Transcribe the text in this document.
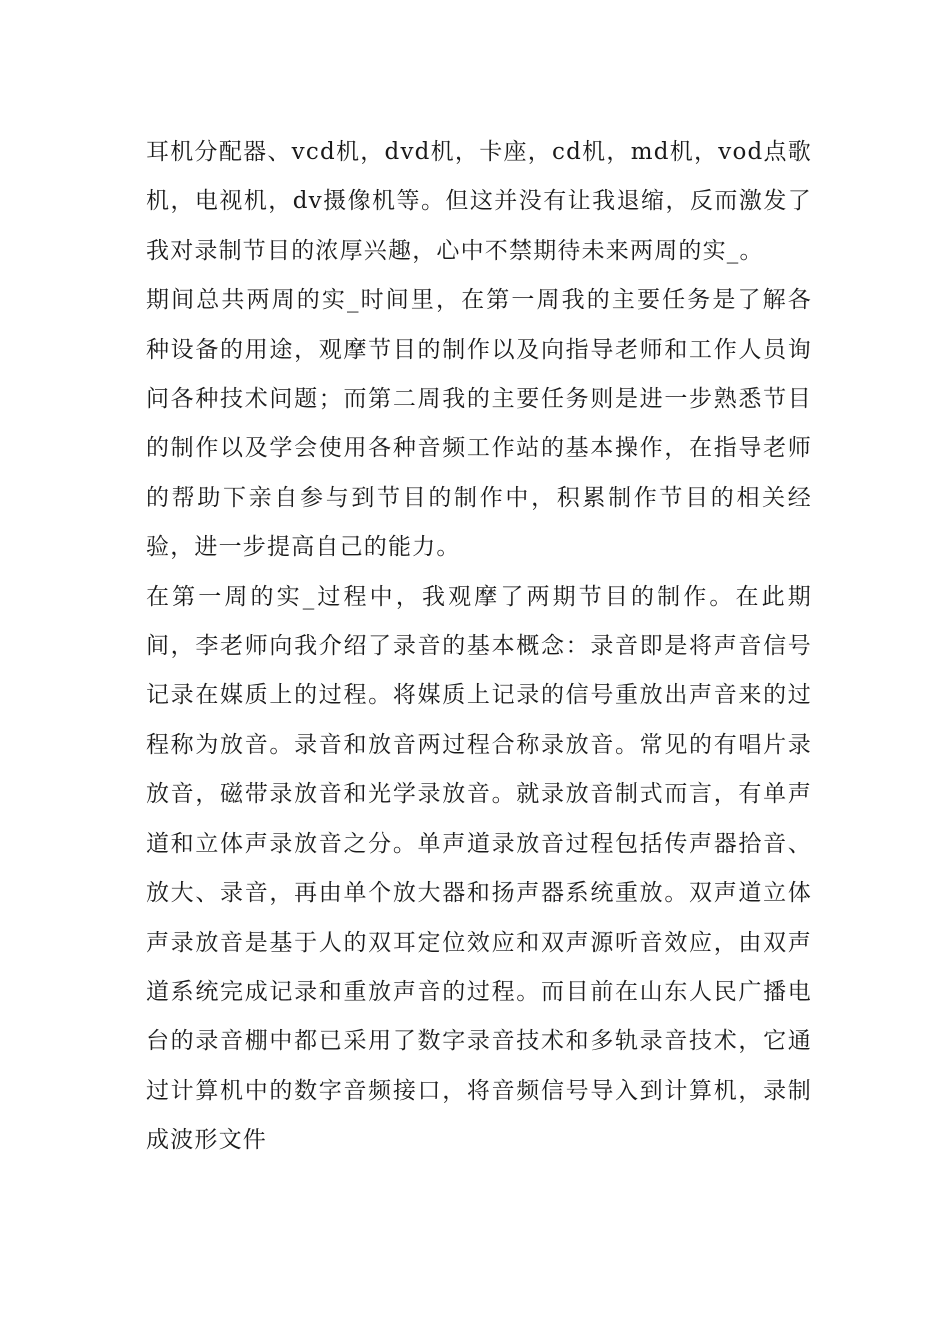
耳机分配器、vcd机，dvd机，卡座，cd机，md机，vod点歌机，电视机，dv摄像机等。但这并没有让我退缩，反而激发了我对录制节目的浓厚兴趣，心中不禁期待未来两周的实_。

期间总共两周的实_时间里，在第一周我的主要任务是了解各种设备的用途，观摩节目的制作以及向指导老师和工作人员询问各种技术问题；而第二周我的主要任务则是进一步熟悉节目的制作以及学会使用各种音频工作站的基本操作，在指导老师的帮助下亲自参与到节目的制作中，积累制作节目的相关经验，进一步提高自己的能力。

在第一周的实_过程中，我观摩了两期节目的制作。在此期间，李老师向我介绍了录音的基本概念：录音即是将声音信号记录在媒质上的过程。将媒质上记录的信号重放出声音来的过程称为放音。录音和放音两过程合称录放音。常见的有唱片录放音，磁带录放音和光学录放音。就录放音制式而言，有单声道和立体声录放音之分。单声道录放音过程包括传声器拾音、放大、录音，再由单个放大器和扬声器系统重放。双声道立体声录放音是基于人的双耳定位效应和双声源听音效应，由双声道系统完成记录和重放声音的过程。而目前在山东人民广播电台的录音棚中都已采用了数字录音技术和多轨录音技术，它通过计算机中的数字音频接口，将音频信号导入到计算机，录制成波形文件
